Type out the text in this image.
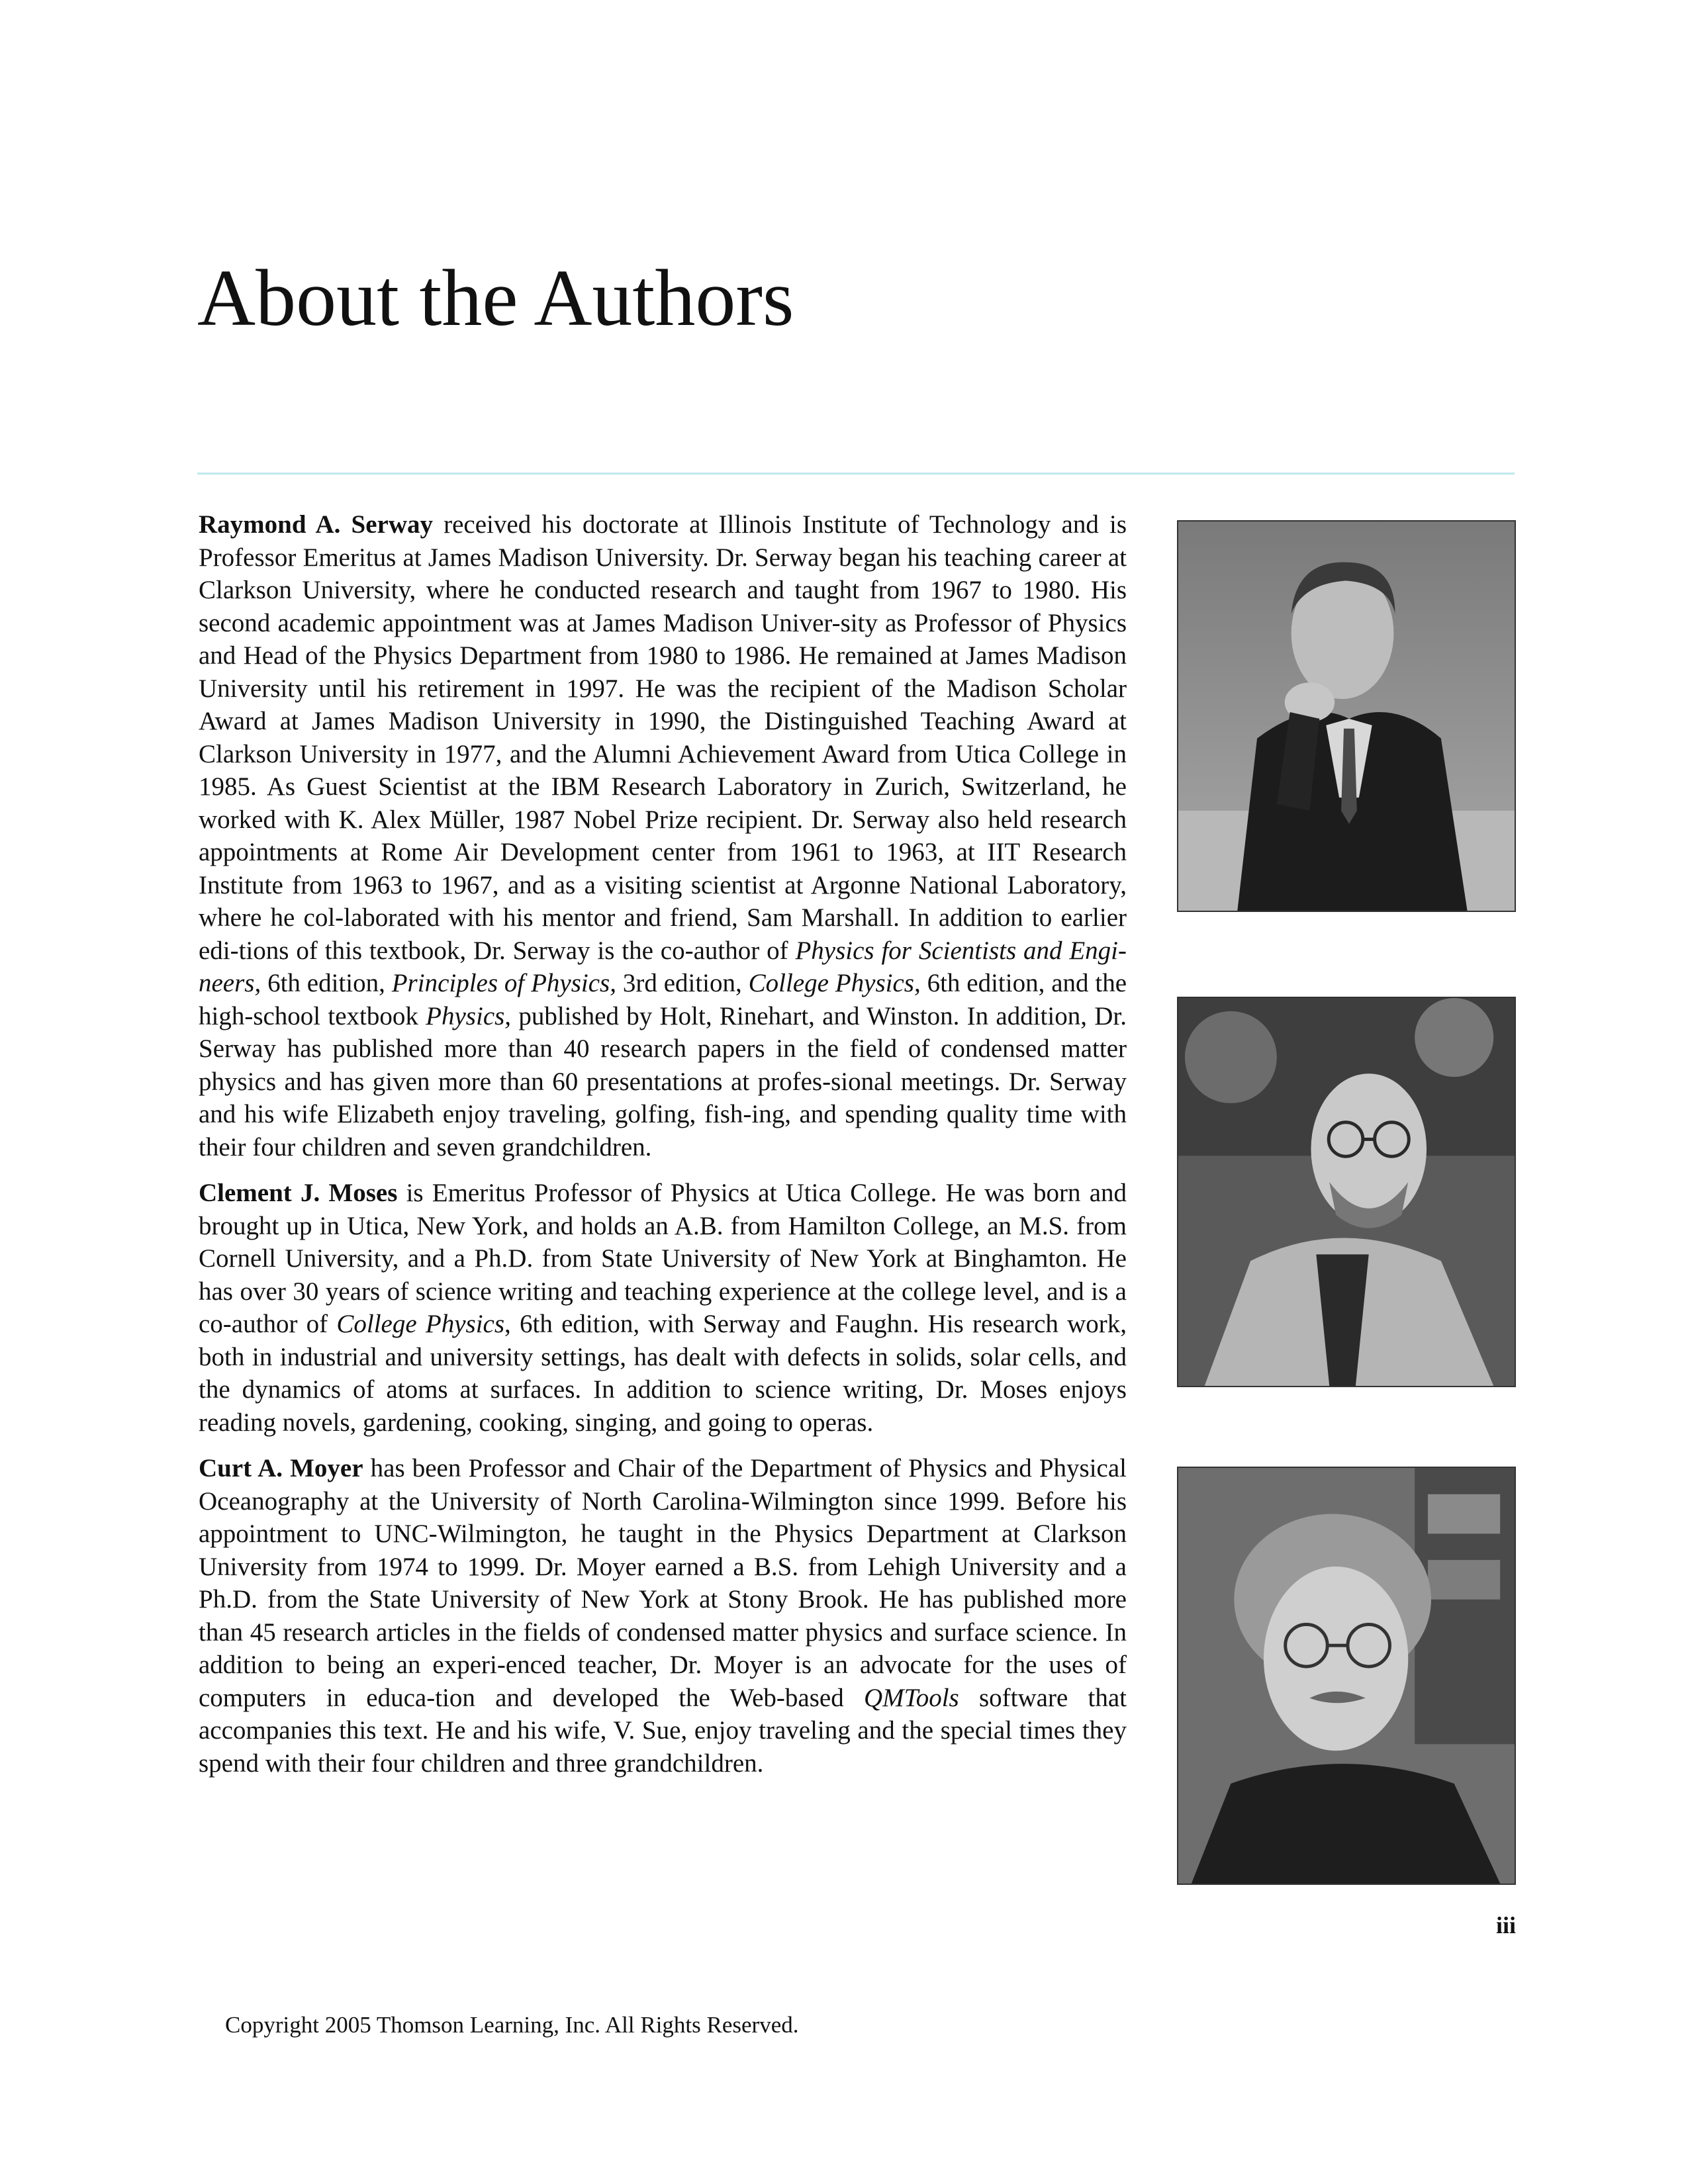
About the Authors

Raymond A. Serway received his doctorate at Illinois Institute of Technology and is Professor Emeritus at James Madison University. Dr. Serway began his teaching career at Clarkson University, where he conducted research and taught from 1967 to 1980. His second academic appointment was at James Madison Univer-sity as Professor of Physics and Head of the Physics Department from 1980 to 1986. He remained at James Madison University until his retirement in 1997. He was the recipient of the Madison Scholar Award at James Madison University in 1990, the Distinguished Teaching Award at Clarkson University in 1977, and the Alumni Achievement Award from Utica College in 1985. As Guest Scientist at the IBM Research Laboratory in Zurich, Switzerland, he worked with K. Alex Müller, 1987 Nobel Prize recipient. Dr. Serway also held research appointments at Rome Air Development center from 1961 to 1963, at IIT Research Institute from 1963 to 1967, and as a visiting scientist at Argonne National Laboratory, where he col-laborated with his mentor and friend, Sam Marshall. In addition to earlier edi-tions of this textbook, Dr. Serway is the co-author of Physics for Scientists and Engi-neers, 6th edition, Principles of Physics, 3rd edition, College Physics, 6th edition, and the high-school textbook Physics, published by Holt, Rinehart, and Winston. In addition, Dr. Serway has published more than 40 research papers in the field of condensed matter physics and has given more than 60 presentations at profes-sional meetings. Dr. Serway and his wife Elizabeth enjoy traveling, golfing, fish-ing, and spending quality time with their four children and seven grandchildren.

Clement J. Moses is Emeritus Professor of Physics at Utica College. He was born and brought up in Utica, New York, and holds an A.B. from Hamilton College, an M.S. from Cornell University, and a Ph.D. from State University of New York at Binghamton. He has over 30 years of science writing and teaching experience at the college level, and is a co-author of College Physics, 6th edition, with Serway and Faughn. His research work, both in industrial and university settings, has dealt with defects in solids, solar cells, and the dynamics of atoms at surfaces. In addition to science writing, Dr. Moses enjoys reading novels, gardening, cooking, singing, and going to operas.

Curt A. Moyer has been Professor and Chair of the Department of Physics and Physical Oceanography at the University of North Carolina-Wilmington since 1999. Before his appointment to UNC-Wilmington, he taught in the Physics Department at Clarkson University from 1974 to 1999. Dr. Moyer earned a B.S. from Lehigh University and a Ph.D. from the State University of New York at Stony Brook. He has published more than 45 research articles in the fields of condensed matter physics and surface science. In addition to being an experi-enced teacher, Dr. Moyer is an advocate for the uses of computers in educa-tion and developed the Web-based QMTools software that accompanies this text. He and his wife, V. Sue, enjoy traveling and the special times they spend with their four children and three grandchildren.

iii
Copyright 2005 Thomson Learning, Inc. All Rights Reserved.
